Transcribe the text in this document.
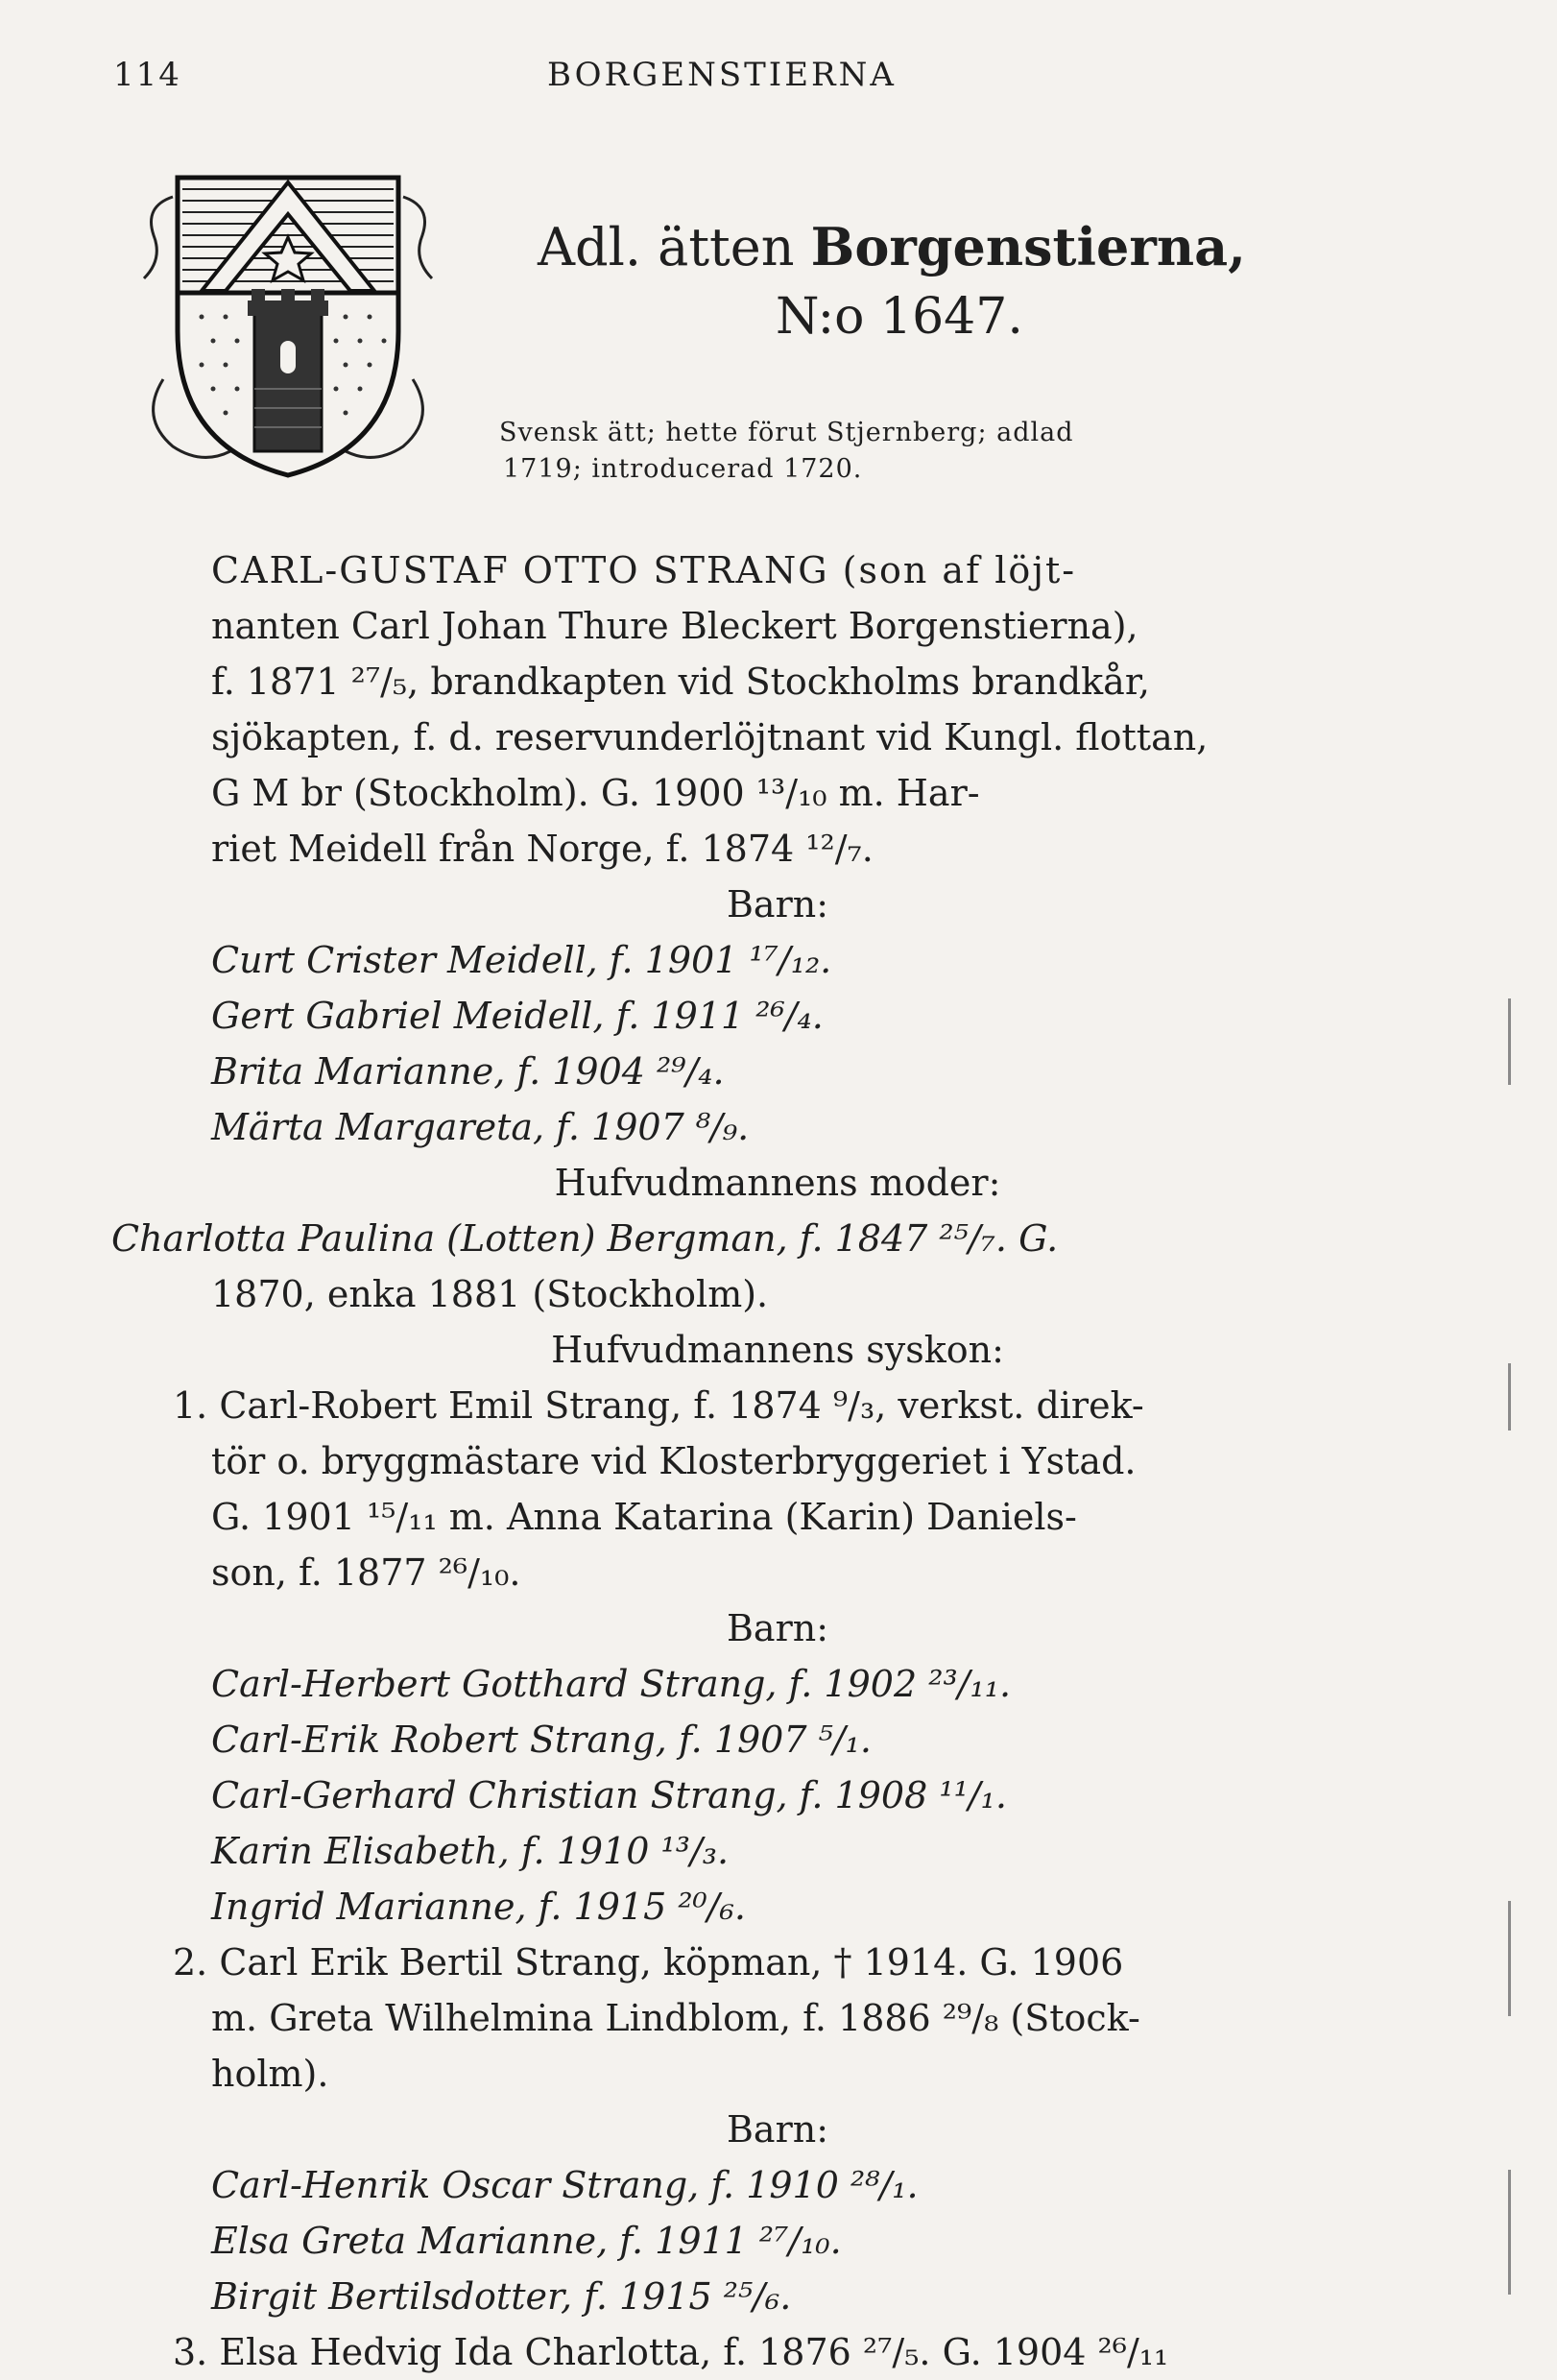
114	BORGENSTIERNA
Adl. ätten Borgenstierna,
N:o 1647.
Svensk ätt; hette förut Stjernberg; adlad
1719; introducerad 1720.
CARL-GUSTAF OTTO STRANG (son af löjt-
nanten Carl Johan Thure Bleckert Borgenstierna),
f. 1871 ²⁷/₅, brandkapten vid Stockholms brandkår,
sjökapten, f. d. reservunderlöjtnant vid Kungl. flottan,
G M br (Stockholm). G. 1900 ¹³/₁₀ m. Har-
riet Meidell från Norge, f. 1874 ¹²/₇.
Barn:
Curt Crister Meidell, f. 1901 ¹⁷/₁₂.
Gert Gabriel Meidell, f. 1911 ²⁶/₄.
Brita Marianne, f. 1904 ²⁹/₄.
Märta Margareta, f. 1907 ⁸/₉.
Hufvudmannens moder:
Charlotta Paulina (Lotten) Bergman, f. 1847 ²⁵/₇. G.
1870, enka 1881 (Stockholm).
Hufvudmannens syskon:
1. Carl-Robert Emil Strang, f. 1874 ⁹/₃, verkst. direk-
tör o. bryggmästare vid Klosterbryggeriet i Ystad.
G. 1901 ¹⁵/₁₁ m. Anna Katarina (Karin) Daniels-
son, f. 1877 ²⁶/₁₀.
Barn:
Carl-Herbert Gotthard Strang, f. 1902 ²³/₁₁.
Carl-Erik Robert Strang, f. 1907 ⁵/₁.
Carl-Gerhard Christian Strang, f. 1908 ¹¹/₁.
Karin Elisabeth, f. 1910 ¹³/₃.
Ingrid Marianne, f. 1915 ²⁰/₆.
2. Carl Erik Bertil Strang, köpman, † 1914. G. 1906
m. Greta Wilhelmina Lindblom, f. 1886 ²⁹/₈ (Stock-
holm).
Barn:
Carl-Henrik Oscar Strang, f. 1910 ²⁸/₁.
Elsa Greta Marianne, f. 1911 ²⁷/₁₀.
Birgit Bertilsdotter, f. 1915 ²⁵/₆.
3. Elsa Hedvig Ida Charlotta, f. 1876 ²⁷/₅. G. 1904 ²⁶/₁₁
